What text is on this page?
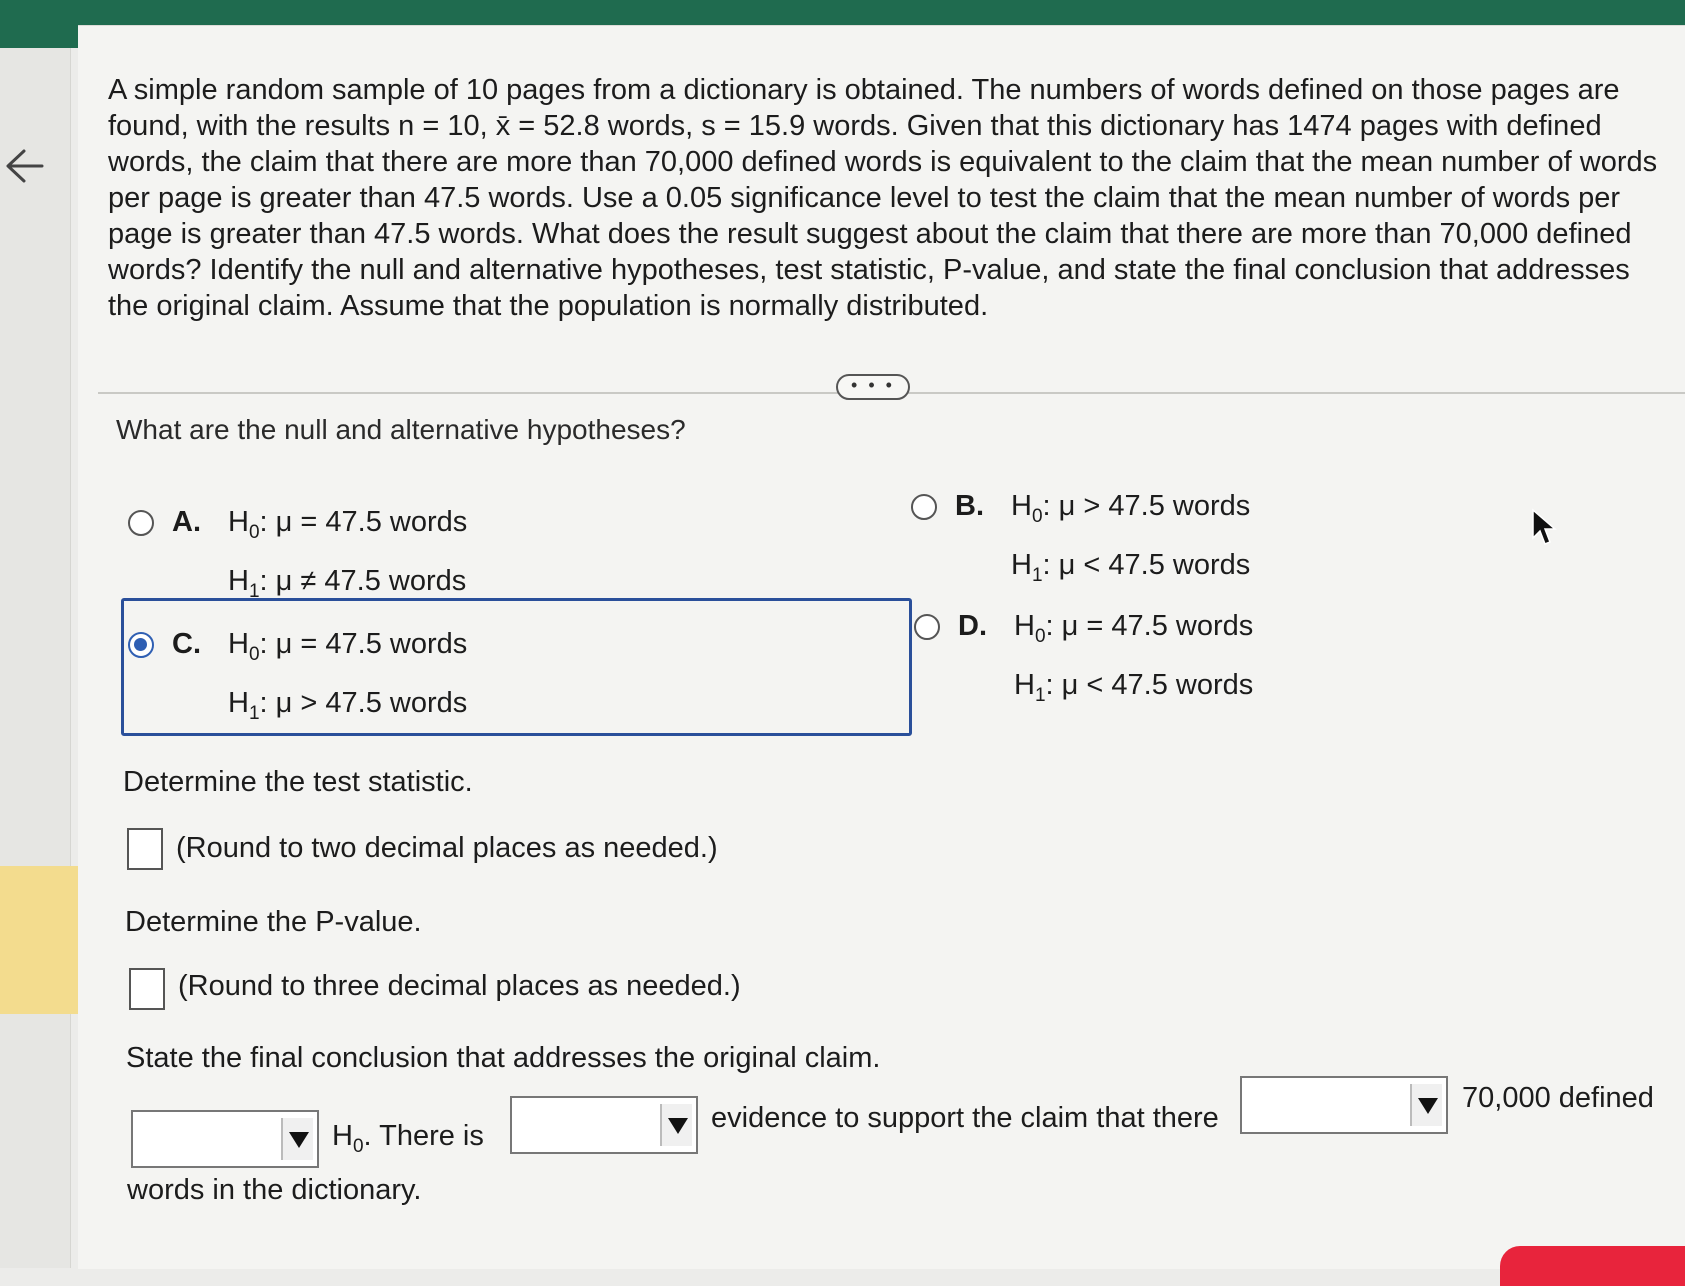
A simple random sample of 10 pages from a dictionary is obtained. The numbers of words defined on those pages are found, with the results n = 10, x̄ = 52.8 words, s = 15.9 words. Given that this dictionary has 1474 pages with defined words, the claim that there are more than 70,000 defined words is equivalent to the claim that the mean number of words per page is greater than 47.5 words. Use a 0.05 significance level to test the claim that the mean number of words per page is greater than 47.5 words. What does the result suggest about the claim that there are more than 70,000 defined words? Identify the null and alternative hypotheses, test statistic, P-value, and state the final conclusion that addresses the original claim. Assume that the population is normally distributed.

• • •
What are the null and alternative hypotheses?
A. $H_0$: μ = 47.5 words
$H_1$: μ ≠ 47.5 words
B. $H_0$: μ > 47.5 words
$H_1$: μ < 47.5 words
C. $H_0$: μ = 47.5 words
$H_1$: μ > 47.5 words
D. $H_0$: μ = 47.5 words
$H_1$: μ < 47.5 words
Determine the test statistic.
(Round to two decimal places as needed.)
Determine the P-value.
(Round to three decimal places as needed.)
State the final conclusion that addresses the original claim.
$H_0$. There is
evidence to support the claim that there
70,000 defined
words in the dictionary.
